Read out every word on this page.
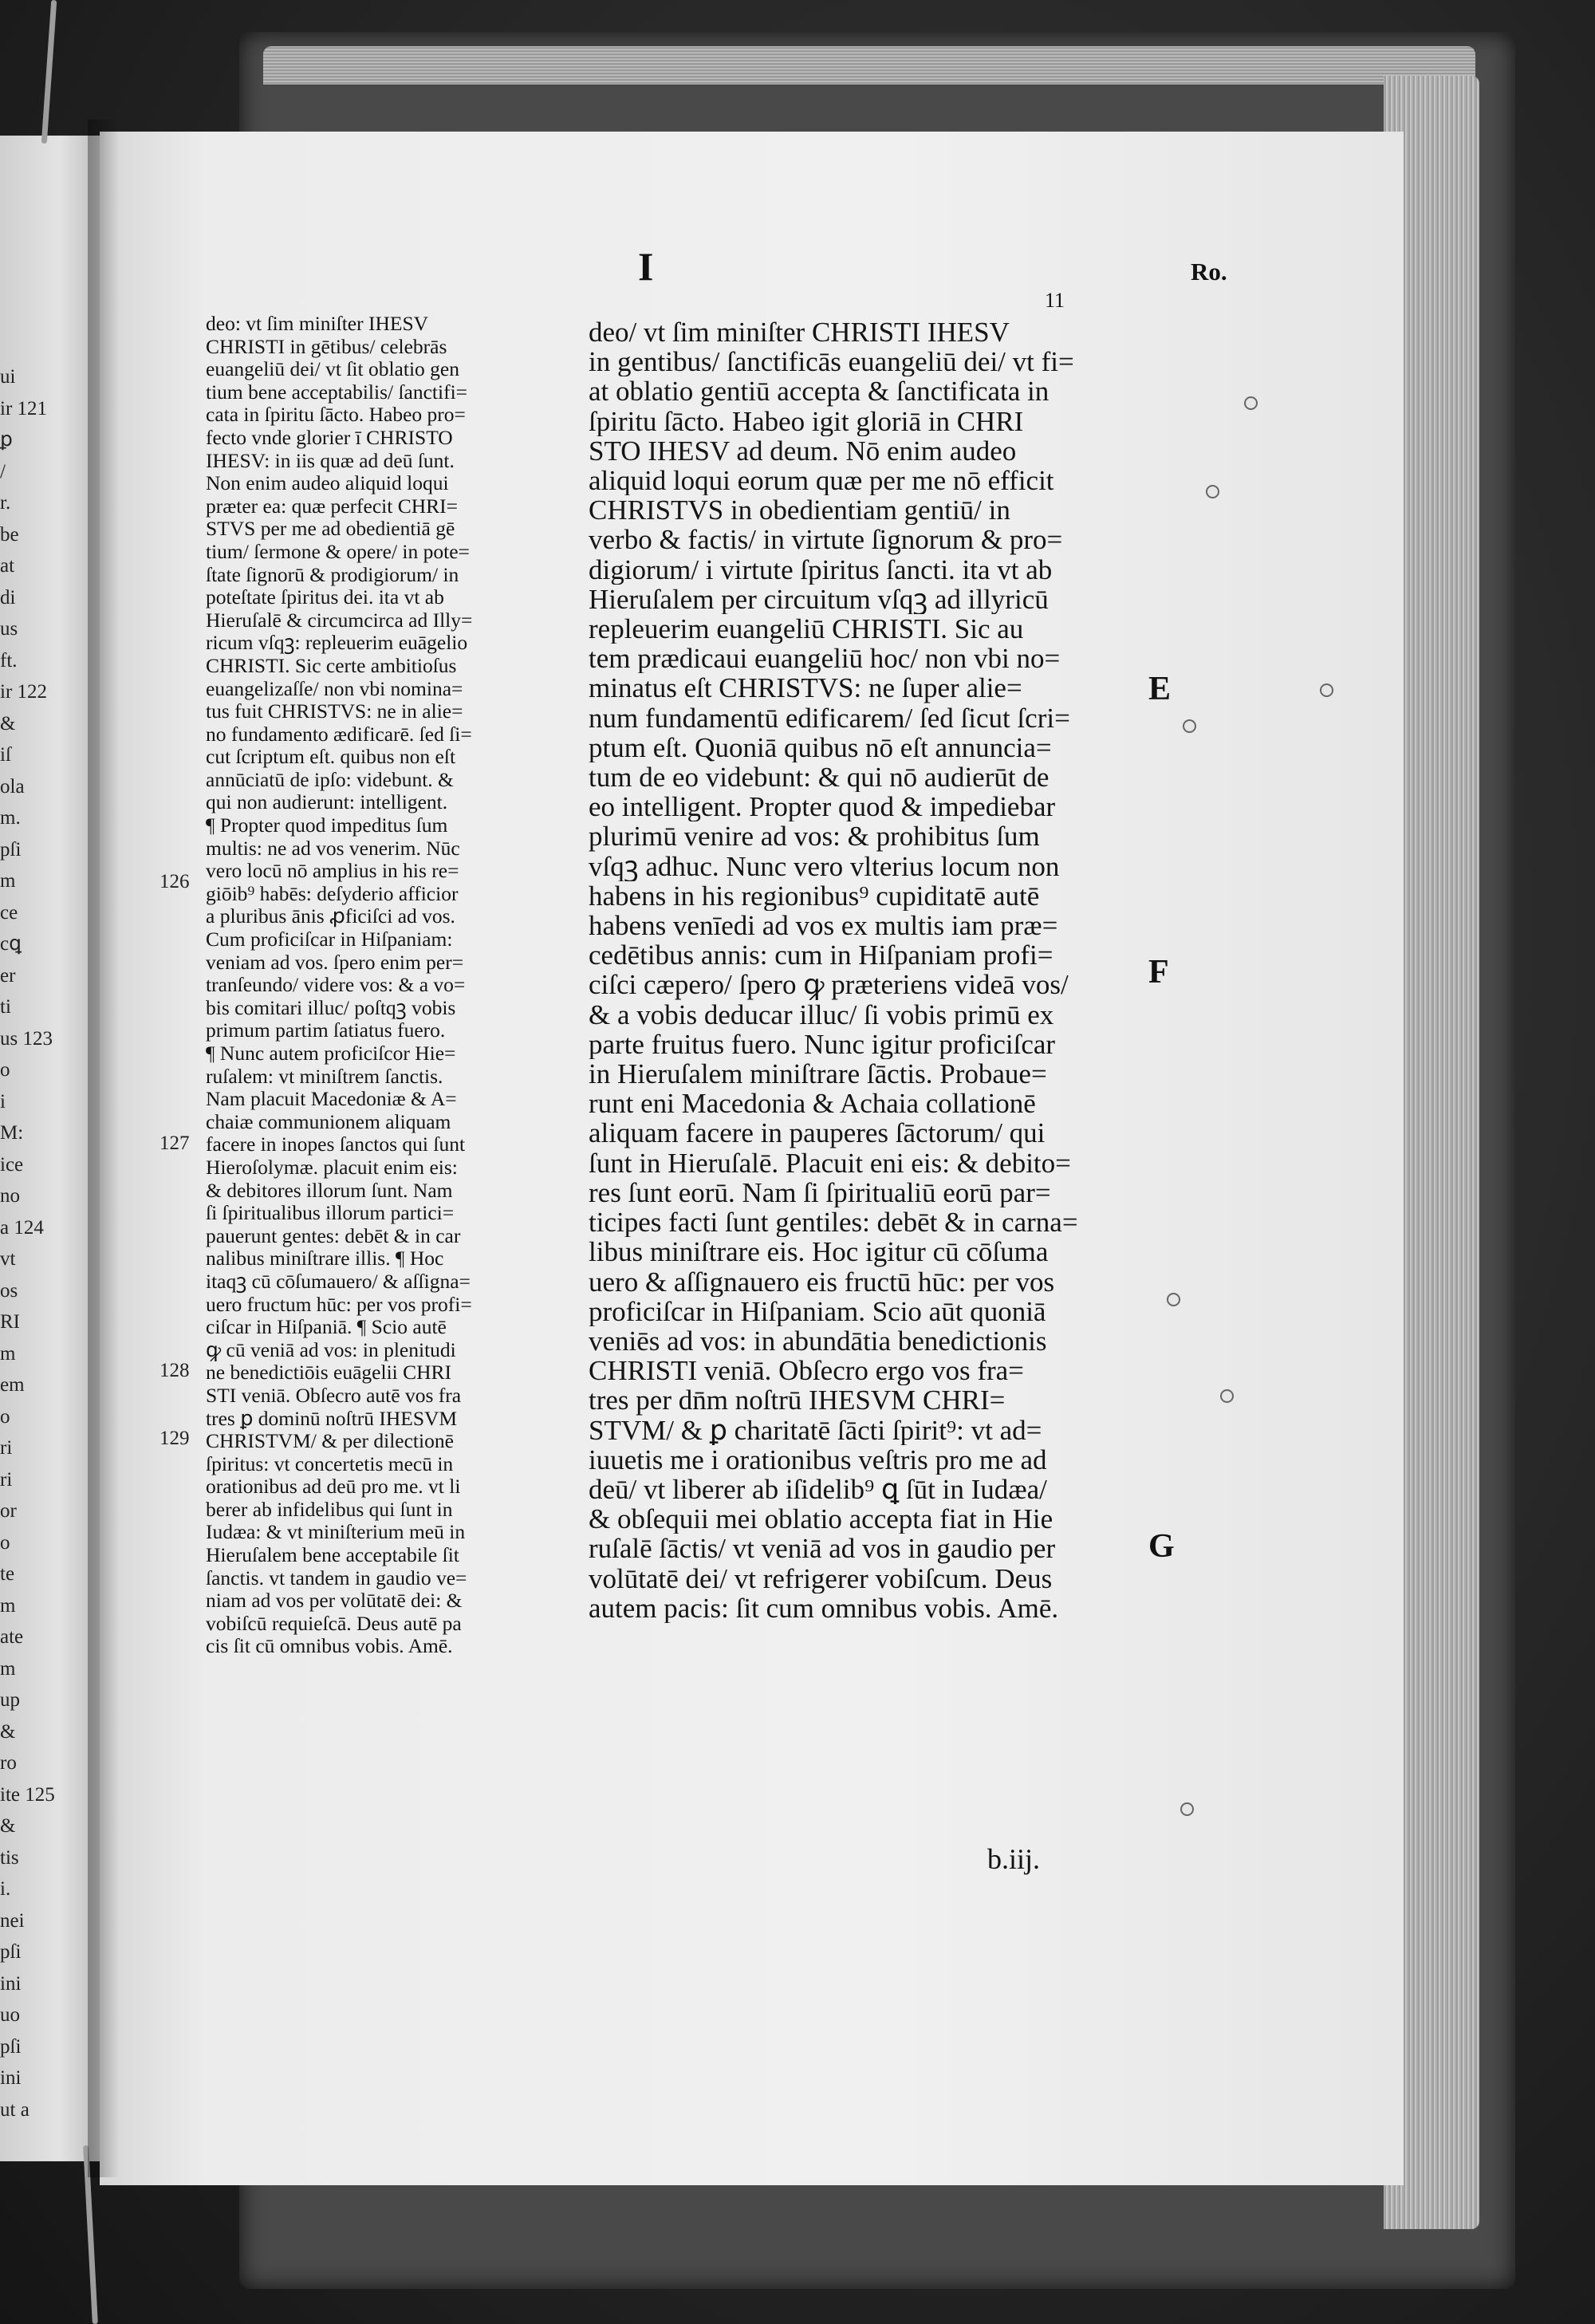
ui
ir 121
ꝑ
/
r.
be
at
di
us
ft.
ir 122
&
iſ
ola
m.
pſi
m
ce
cꝗ
er
ti
us 123
o
i
M:
ice
no
a 124
vt
os
RI
m
em
o
ri
ri
or
o
te
m
ate
m
up
&
ro
ite 125
&
tis
i.
nei
pſi
ini
uo
pſi
ini
ut a
I
11
Ro.
deo: vt ſim miniſter IHESV
CHRISTI in gētibus/ celebrās
euangeliū dei/ vt ſit oblatio gen
tium bene acceptabilis/ ſanctifi=
cata in ſpiritu ſācto. Habeo pro=
fecto vnde glorier ī CHRISTO
IHESV: in iis quæ ad deū ſunt.
Non enim audeo aliquid loqui
præter ea: quæ perfecit CHRI=
STVS per me ad obedientiā gē
tium/ ſermone & opere/ in pote=
ſtate ſignorū & prodigiorum/ in
poteſtate ſpiritus dei. ita vt ab
Hieruſalē & circumcirca ad Illy=
ricum vſqꝫ: repleuerim euāgelio
CHRISTI. Sic certe ambitioſus
euangelizaſſe/ non vbi nomina=
tus fuit CHRISTVS: ne in alie=
no fundamento ædificarē. ſed ſi=
cut ſcriptum eſt. quibus non eſt
annūciatū de ipſo: videbunt. &
qui non audierunt: intelligent.
¶ Propter quod impeditus ſum
multis: ne ad vos venerim. Nūc
vero locū nō amplius in his re=
giōib⁹ habēs: deſyderio afficior
a pluribus ānis ꝓficiſci ad vos.
Cum proficiſcar in Hiſpaniam:
veniam ad vos. ſpero enim per=
tranſeundo/ videre vos: & a vo=
bis comitari illuc/ poſtqꝫ vobis
primum partim ſatiatus fuero.
¶ Nunc autem proficiſcor Hie=
ruſalem: vt miniſtrem ſanctis.
Nam placuit Macedoniæ & A=
chaiæ communionem aliquam
facere in inopes ſanctos qui ſunt
Hieroſolymæ. placuit enim eis:
& debitores illorum ſunt. Nam
ſi ſpiritualibus illorum partici=
pauerunt gentes: debēt & in car
nalibus miniſtrare illis. ¶ Hoc
itaqꝫ cū cōſumauero/ & aſſigna=
uero fructum hūc: per vos profi=
ciſcar in Hiſpaniā. ¶ Scio autē
ꝙ cū veniā ad vos: in plenitudi
ne benedictiōis euāgelii CHRI
STI veniā. Obſecro autē vos fra
tres ꝑ dominū noſtrū IHESVM
CHRISTVM/ & per dilectionē
ſpiritus: vt concertetis mecū in
orationibus ad deū pro me. vt li
berer ab infidelibus qui ſunt in
Iudæa: & vt miniſterium meū in
Hieruſalem bene acceptabile ſit
ſanctis. vt tandem in gaudio ve=
niam ad vos per volūtatē dei: &
vobiſcū requieſcā. Deus autē pa
cis ſit cū omnibus vobis. Amē.
deo/ vt ſim miniſter CHRISTI IHESV
in gentibus/ ſanctificās euangeliū dei/ vt fi=
at oblatio gentiū accepta & ſanctificata in
ſpiritu ſācto. Habeo igit gloriā in CHRI
STO IHESV ad deum. Nō enim audeo
aliquid loqui eorum quæ per me nō efficit
CHRISTVS in obedientiam gentiū/ in
verbo & factis/ in virtute ſignorum & pro=
digiorum/ i virtute ſpiritus ſancti. ita vt ab
Hieruſalem per circuitum vſqꝫ ad illyricū
repleuerim euangeliū CHRISTI. Sic au
tem prædicaui euangeliū hoc/ non vbi no=
minatus eſt CHRISTVS: ne ſuper alie=
num fundamentū edificarem/ ſed ſicut ſcri=
ptum eſt. Quoniā quibus nō eſt annuncia=
tum de eo videbunt: & qui nō audierūt de
eo intelligent. Propter quod & impediebar
plurimū venire ad vos: & prohibitus ſum
vſqꝫ adhuc. Nunc vero vlterius locum non
habens in his regionibus⁹ cupiditatē autē
habens venīedi ad vos ex multis iam præ=
cedētibus annis: cum in Hiſpaniam profi=
ciſci cæpero/ ſpero ꝙ præteriens videā vos/
& a vobis deducar illuc/ ſi vobis primū ex
parte fruitus fuero. Nunc igitur proficiſcar
in Hieruſalem miniſtrare ſāctis. Probaue=
runt eni Macedonia & Achaia collationē
aliquam facere in pauperes ſāctorum/ qui
ſunt in Hieruſalē. Placuit eni eis: & debito=
res ſunt eorū. Nam ſi ſpiritualiū eorū par=
ticipes facti ſunt gentiles: debēt & in carna=
libus miniſtrare eis. Hoc igitur cū cōſuma
uero & aſſignauero eis fructū hūc: per vos
proficiſcar in Hiſpaniam. Scio aūt quoniā
veniēs ad vos: in abundātia benedictionis
CHRISTI veniā. Obſecro ergo vos fra=
tres per dn̄m noſtrū IHESVM CHRI=
STVM/ & ꝑ charitatē ſācti ſpirit⁹: vt ad=
iuuetis me i orationibus veſtris pro me ad
deū/ vt liberer ab iſidelib⁹ ꝗ ſūt in Iudæa/
& obſequii mei oblatio accepta fiat in Hie
ruſalē ſāctis/ vt veniā ad vos in gaudio per
volūtatē dei/ vt refrigerer vobiſcum. Deus
autem pacis: ſit cum omnibus vobis. Amē.
126
127
128
129
E
F
G
b.iij.
